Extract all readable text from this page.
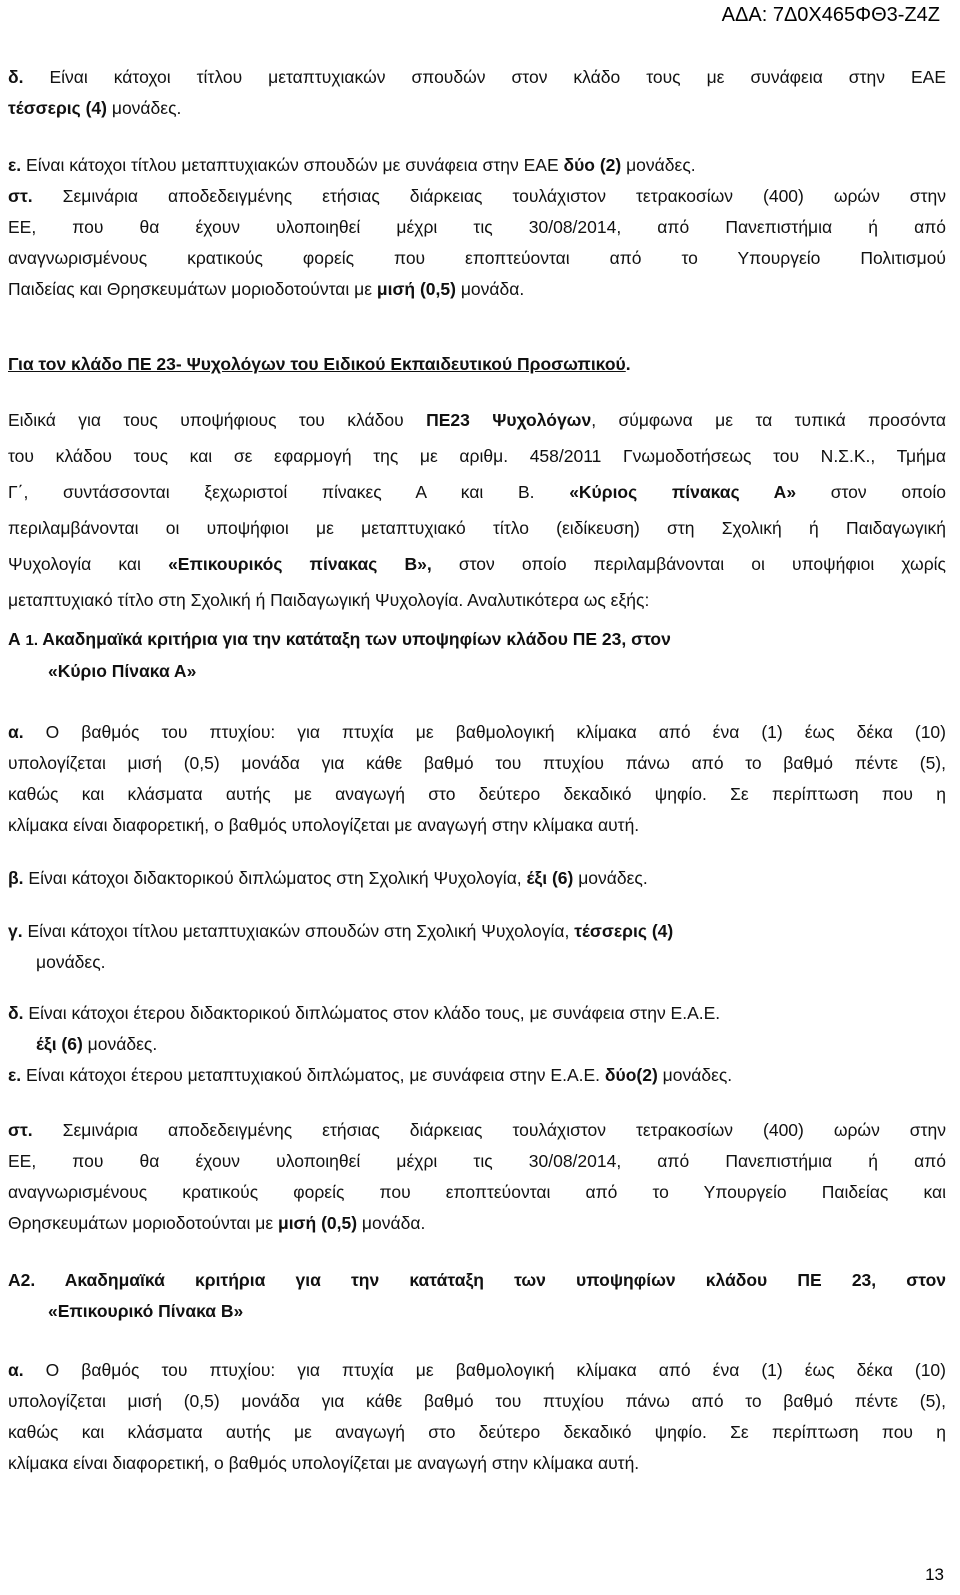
ΑΔΑ: 7Δ0Χ465ΦΘ3-Ζ4Ζ

δ. Είναι κάτοχοι τίτλου μεταπτυχιακών σπουδών στον κλάδο τους με συνάφεια στην ΕΑΕ

τέσσερις (4) μονάδες.

ε. Είναι κάτοχοι τίτλου μεταπτυχιακών σπουδών με συνάφεια στην ΕΑΕ δύο (2) μονάδες.

στ. Σεμινάρια αποδεδειγμένης ετήσιας διάρκειας τουλάχιστον τετρακοσίων (400) ωρών στην

ΕΕ, που θα έχουν υλοποιηθεί μέχρι τις 30/08/2014, από Πανεπιστήμια ή από

αναγνωρισμένους κρατικούς φορείς που εποπτεύονται από το Υπουργείο Πολιτισμού

Παιδείας και Θρησκευμάτων μοριοδοτούνται με μισή (0,5) μονάδα.

Για τον κλάδο ΠΕ 23- Ψυχολόγων του Ειδικού Εκπαιδευτικού Προσωπικού.

Ειδικά για τους υποψήφιους του κλάδου ΠΕ23 Ψυχολόγων, σύμφωνα με τα τυπικά προσόντα

του κλάδου τους και σε εφαρμογή της με αριθμ. 458/2011 Γνωμοδοτήσεως του Ν.Σ.Κ., Τμήμα

Γ΄, συντάσσονται ξεχωριστοί πίνακες Α και Β. «Κύριος πίνακας Α» στον οποίο

περιλαμβάνονται οι υποψήφιοι με μεταπτυχιακό τίτλο (ειδίκευση) στη Σχολική ή Παιδαγωγική

Ψυχολογία και «Επικουρικός πίνακας Β», στον οποίο περιλαμβάνονται οι υποψήφιοι χωρίς

μεταπτυχιακό τίτλο στη Σχολική ή Παιδαγωγική Ψυχολογία. Αναλυτικότερα ως εξής:

Α 1. Ακαδημαϊκά κριτήρια για την κατάταξη των υποψηφίων κλάδου ΠΕ 23, στον

«Κύριο Πίνακα Α»

α. Ο βαθμός του πτυχίου: για πτυχία με βαθμολογική κλίμακα από ένα (1) έως δέκα (10)

υπολογίζεται μισή (0,5) μονάδα για κάθε βαθμό του πτυχίου πάνω από το βαθμό πέντε (5),

καθώς και κλάσματα αυτής με αναγωγή στο δεύτερο δεκαδικό ψηφίο. Σε περίπτωση που η

κλίμακα είναι διαφορετική, ο βαθμός υπολογίζεται με αναγωγή στην κλίμακα αυτή.

β. Είναι κάτοχοι διδακτορικού διπλώματος στη Σχολική Ψυχολογία, έξι (6) μονάδες.

γ. Είναι κάτοχοι τίτλου μεταπτυχιακών σπουδών στη Σχολική Ψυχολογία, τέσσερις (4)

μονάδες.

δ. Είναι κάτοχοι έτερου διδακτορικού διπλώματος στον κλάδο τους, με συνάφεια στην Ε.Α.Ε.

έξι (6) μονάδες.

ε. Είναι κάτοχοι έτερου μεταπτυχιακού διπλώματος, με συνάφεια στην Ε.Α.Ε. δύο(2) μονάδες.

στ. Σεμινάρια αποδεδειγμένης ετήσιας διάρκειας τουλάχιστον τετρακοσίων (400) ωρών στην

ΕΕ, που θα έχουν υλοποιηθεί μέχρι τις 30/08/2014, από Πανεπιστήμια ή από

αναγνωρισμένους κρατικούς φορείς που εποπτεύονται από το Υπουργείο Παιδείας και

Θρησκευμάτων μοριοδοτούνται με μισή (0,5) μονάδα.

Α2. Ακαδημαϊκά κριτήρια για την κατάταξη των υποψηφίων κλάδου ΠΕ 23, στον

«Επικουρικό Πίνακα Β»

α. Ο βαθμός του πτυχίου: για πτυχία με βαθμολογική κλίμακα από ένα (1) έως δέκα (10)

υπολογίζεται μισή (0,5) μονάδα για κάθε βαθμό του πτυχίου πάνω από το βαθμό πέντε (5),

καθώς και κλάσματα αυτής με αναγωγή στο δεύτερο δεκαδικό ψηφίο. Σε περίπτωση που η

κλίμακα είναι διαφορετική, ο βαθμός υπολογίζεται με αναγωγή στην κλίμακα αυτή.

13
